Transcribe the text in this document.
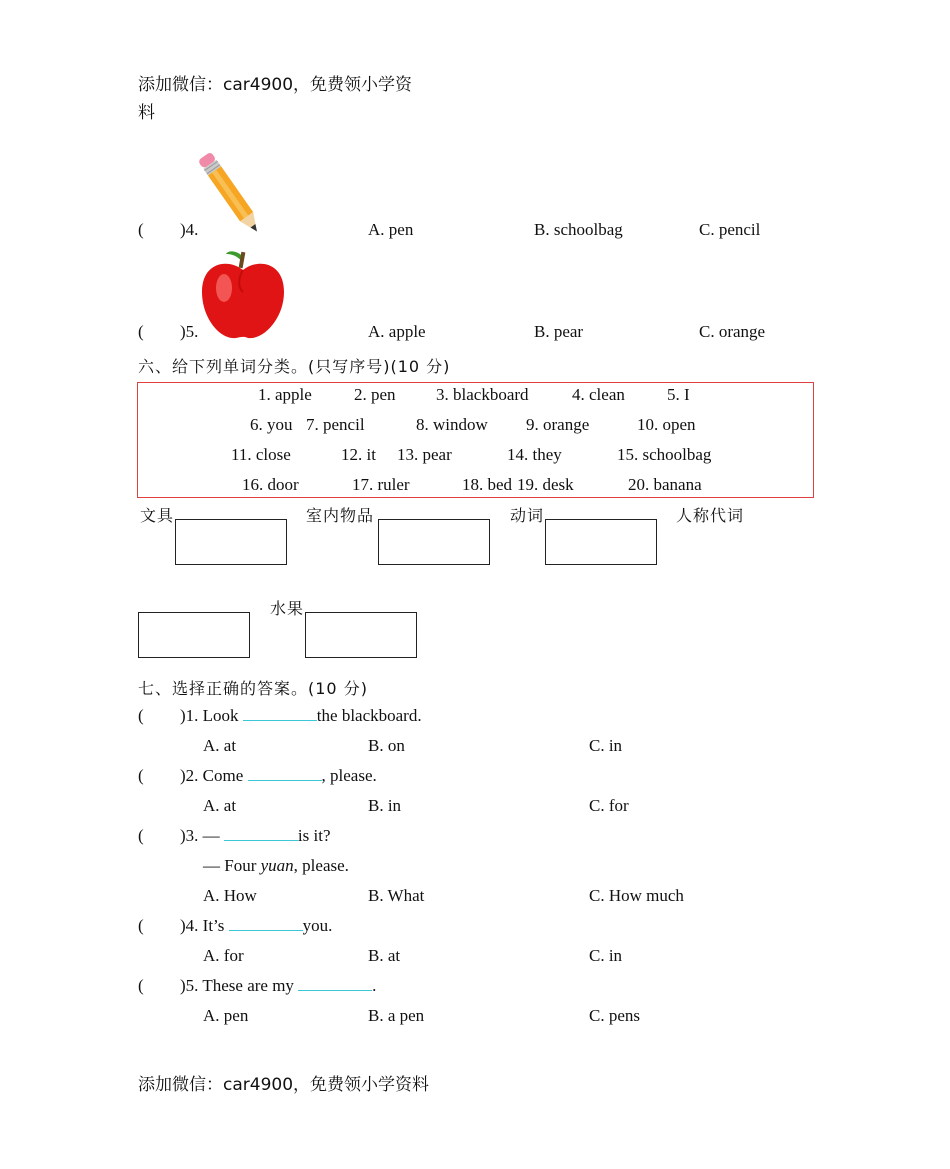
添加微信：car4900，免费领小学资
料
( )4.	A. pen	B. schoolbag	C. pencil
( )5.	A. apple	B. pear	C. orange
六、给下列单词分类。(只写序号)(10 分)
1. apple 2. pen 3. blackboard	4. clean 5. I
6. you 7. pencil	8. window 9. orange	10. open
11. close	12. it 13. pear	14. they	15. schoolbag
16. door	17. ruler	18. bed 19. desk	20. banana
文具	室内物品	动词	人称代词
水果
七、选择正确的答案。(10 分)
( )1. Look	the blackboard.
A. at	B. on	C. in
( )2. Come	, please.
A. at	B. in	C. for
( )3. —	is it?
— Four yuan, please.
A. How	B. What	C. How much
( )4. It’s	you.
A. for	B. at	C. in
( )5. These are my	.
A. pen	B. a pen	C. pens
添加微信：car4900，免费领小学资料
